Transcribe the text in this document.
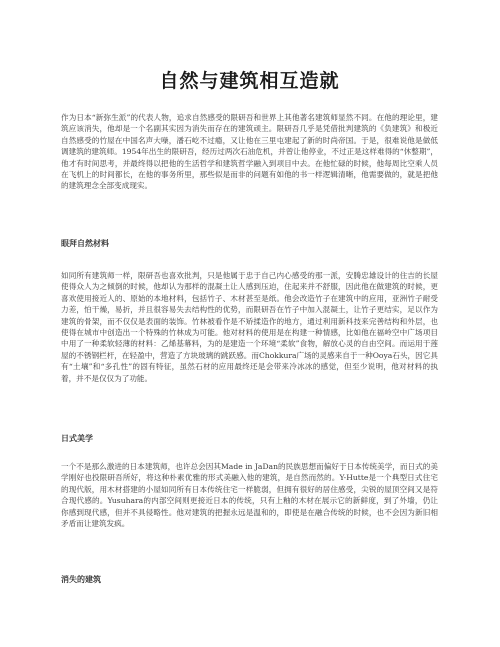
自然与建筑相互造就

作为日本“新弥生派”的代表人物，追求自然感受的限研吾和世界上其他著名建筑师显然不同。在他的理论里，建筑应该消失，他却是一个名副其实因为消失而存在的建筑顽主。限研吾几乎是凭借批判建筑的《负建筑》和极近自然感受的竹屋在中国名声大噪，潘石屹不过瘾，又让他在三里屯建起了新的时尚帝国。于是，很难说他是做低调建筑的建筑师。1954年出生的限研吾，经历过两次石油危机，并曾让他停业，不过正是这样难得的“休整期”，他才有时间思考，并最终得以把他的生活哲学和建筑哲学融入到项目中去。在他忙碌的时候，他每周比空乘人员在飞机上的时间都长，在他的事务所里，那些似是而非的问题有如他的书一样逻辑清晰，他需要做的，就是把他的建筑理念全部变成现实。

眼拜自然材料

如同所有建筑师一样，限研吾也喜欢批判，只是他属于忠于自己内心感受的那一派，安腾忠雄设计的住吉的长屋使得众人为之倾倒的时候，他却认为那样的混凝土让人感到压迫，住起来并不舒服，因此他在做建筑的时候，更喜欢使用接近人的、原始的本地材料，包括竹子、木材甚至是纸。他会改造竹子在建筑中的应用，亚洲竹子耐受力差，怕干燥，易折，并且很容易失去结构性的优势，而限研吾在竹子中加入混凝土，让竹子更结实，足以作为建筑的骨架，而不仅仅是表面的装饰。竹林被看作是不矫揉造作的地方，通过利用新科技来完善结构和外层，也使得在城市中创造出一个特殊的竹林成为可能。他对材料的使用是在构建一种情感，比如他在福岭空中广场项目中用了一种柔软轻薄的材料：乙烯基幕料，为的是建造一个环境“柔软”食物，解放心灵的自由空间。而运用于莲屋的不锈钢栏杆，在轻盈中，营造了方块玻璃的跳跃感。而Chokkura广场的灵感来自于一种Ooya石头，因它具有“土壤”和“多孔性”的固有特征，虽然石材的应用最终还是会带来冷冰冰的感觉，但至少说明，他对材料的执着，并不是仅仅为了功能。

日式美学

一个不是那么激进的日本建筑师，也许总会因其Made in JaDan的民族思想而偏好于日本传统美学，而日式的美学刚好也投限研吾所好，将这种朴素优雅的形式美融入他的建筑，是自然而然的。Y-Hutte是一个典型日式住宅的现代版，用木材搭建的小屋如同所有日本传统住宅一样脆弱，但拥有很好的居住感受，尖锐的屋顶空间又是符合现代感的。Yusuhara的内部空间则更接近日本的传统，只有上釉的木材在展示它的新鲜度，到了外墙，仍让你感到现代感，但并不具侵略性。他对建筑的把握永远是温和的，即使是在融合传统的时候，也不会因为新旧相矛盾而让建筑发疯。

消失的建筑
